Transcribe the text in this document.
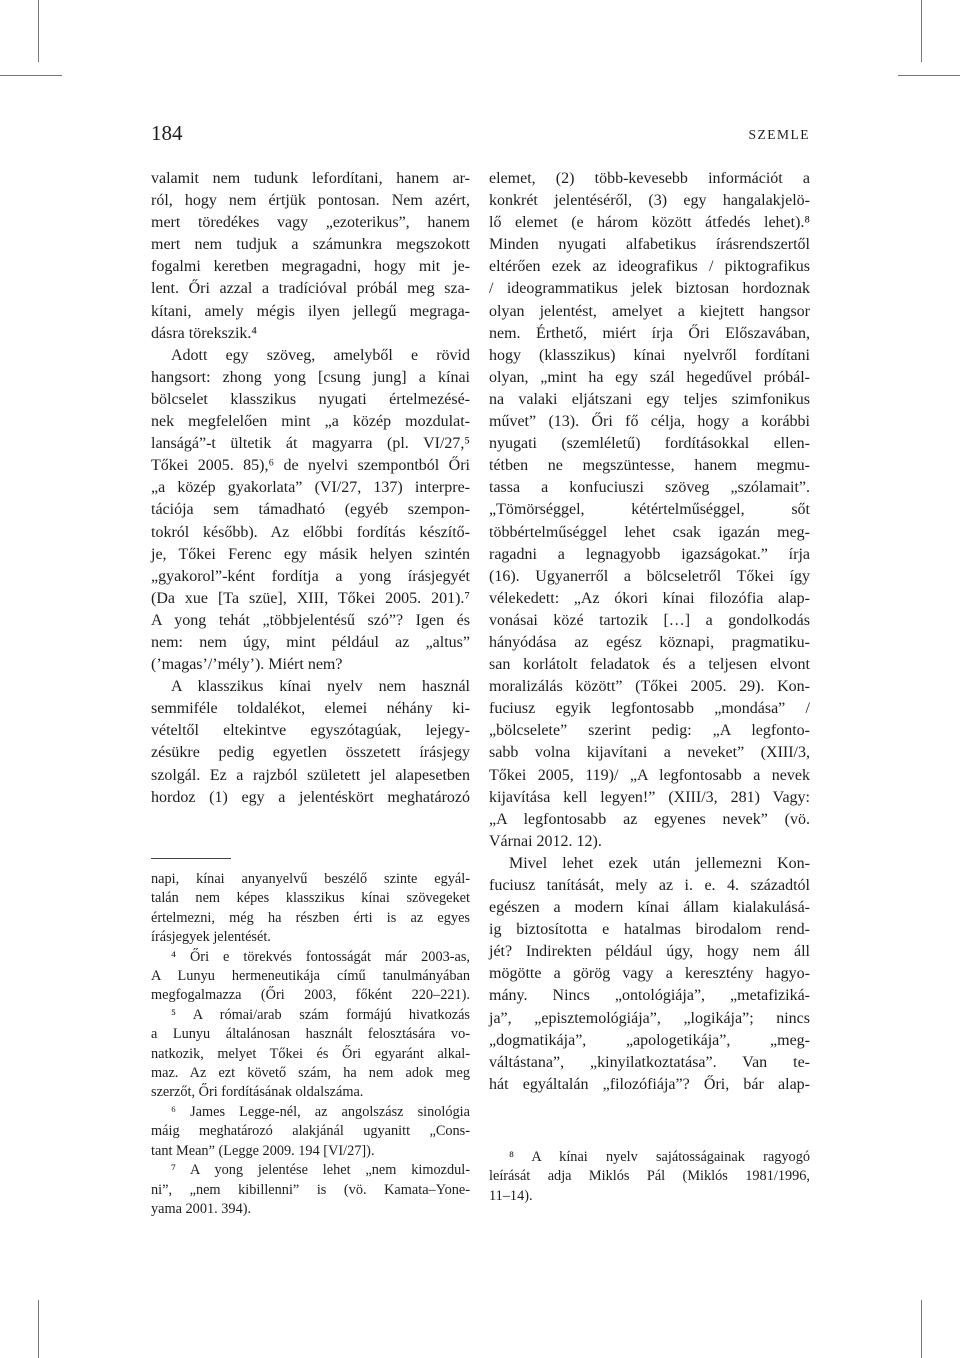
184	SZEMLE

valamit nem tudunk lefordítani, hanem ar-

ról, hogy nem értjük pontosan. Nem azért,

mert töredékes vagy „ezoterikus”, hanem

mert nem tudjuk a számunkra megszokott

fogalmi keretben megragadni, hogy mit je-

lent. Őri azzal a tradícióval próbál meg sza-

kítani, amely mégis ilyen jellegű megraga-

dásra törekszik.⁴

Adott egy szöveg, amelyből e rövid

hangsort: zhong yong [csung jung] a kínai

bölcselet klasszikus nyugati értelmezésé-

nek megfelelően mint „a közép mozdulat-

lanságá”-t ültetik át magyarra (pl. VI/27,⁵

Tőkei 2005. 85),⁶ de nyelvi szempontból Őri

„a közép gyakorlata” (VI/27, 137) interpre-

tációja sem támadható (egyéb szempon-

tokról később). Az előbbi fordítás készítő-

je, Tőkei Ferenc egy másik helyen szintén

„gyakorol”-ként fordítja a yong írásjegyét

(Da xue [Ta szüe], XIII, Tőkei 2005. 201).⁷

A yong tehát „többjelentésű szó”? Igen és

nem: nem úgy, mint például az „altus”

(’magas’/’mély’). Miért nem?

A klasszikus kínai nyelv nem használ

semmiféle toldalékot, elemei néhány ki-

vételtől eltekintve egyszótagúak, lejegy-

zésükre pedig egyetlen összetett írásjegy

szolgál. Ez a rajzból született jel alapesetben

hordoz (1) egy a jelentéskört meghatározó

elemet, (2) több-kevesebb információt a

konkrét jelentéséről, (3) egy hangalakjelö-

lő elemet (e három között átfedés lehet).⁸

Minden nyugati alfabetikus írásrendszertől

eltérően ezek az ideografikus / piktografikus

/ ideogrammatikus jelek biztosan hordoznak

olyan jelentést, amelyet a kiejtett hangsor

nem. Érthető, miért írja Őri Előszavában,

hogy (klasszikus) kínai nyelvről fordítani

olyan, „mint ha egy szál hegedűvel próbál-

na valaki eljátszani egy teljes szimfonikus

művet” (13). Őri fő célja, hogy a korábbi

nyugati (szemléletű) fordításokkal ellen-

tétben ne megszüntesse, hanem megmu-

tassa a konfuciuszi szöveg „szólamait”.

„Tömörséggel, kétértelműséggel, sőt

többértelműséggel lehet csak igazán meg-

ragadni a legnagyobb igazságokat.” írja

(16). Ugyanerről a bölcseletről Tőkei így

vélekedett: „Az ókori kínai filozófia alap-

vonásai közé tartozik […] a gondolkodás

hányódása az egész köznapi, pragmatiku-

san korlátolt feladatok és a teljesen elvont

moralizálás között” (Tőkei 2005. 29). Kon-

fuciusz egyik legfontosabb „mondása” /

„bölcselete” szerint pedig: „A legfonto-

sabb volna kijavítani a neveket” (XIII/3,

Tőkei 2005, 119)/ „A legfontosabb a nevek

kijavítása kell legyen!” (XIII/3, 281) Vagy:

„A legfontosabb az egyenes nevek” (vö.

Várnai 2012. 12).

Mivel lehet ezek után jellemezni Kon-

fuciusz tanítását, mely az i. e. 4. századtól

egészen a modern kínai állam kialakulásá-

ig biztosította e hatalmas birodalom rend-

jét? Indirekten például úgy, hogy nem áll

mögötte a görög vagy a keresztény hagyo-

mány. Nincs „ontológiája”, „metafiziká-

ja”, „episztemológiája”, „logikája”; nincs

„dogmatikája”, „apologetikája”, „meg-

váltástana”, „kinyilatkoztatása”. Van te-

hát egyáltalán „filozófiája”? Őri, bár alap-

napi, kínai anyanyelvű beszélő szinte egyál-

talán nem képes klasszikus kínai szövegeket

értelmezni, még ha részben érti is az egyes

írásjegyek jelentését.

⁴ Őri e törekvés fontosságát már 2003-as,

A Lunyu hermeneutikája című tanulmányában

megfogalmazza (Őri 2003, főként 220–221).

⁵ A római/arab szám formájú hivatkozás

a Lunyu általánosan használt felosztására vo-

natkozik, melyet Tőkei és Őri egyaránt alkal-

maz. Az ezt követő szám, ha nem adok meg

szerzőt, Őri fordításának oldalszáma.

⁶ James Legge-nél, az angolszász sinológia

máig meghatározó alakjánál ugyanitt „Cons-

tant Mean” (Legge 2009. 194 [VI/27]).

⁷ A yong jelentése lehet „nem kimozdul-

ni”, „nem kibillenni” is (vö. Kamata–Yone-

yama 2001. 394).

⁸ A kínai nyelv sajátosságainak ragyogó

leírását adja Miklós Pál (Miklós 1981/1996,

11–14).
